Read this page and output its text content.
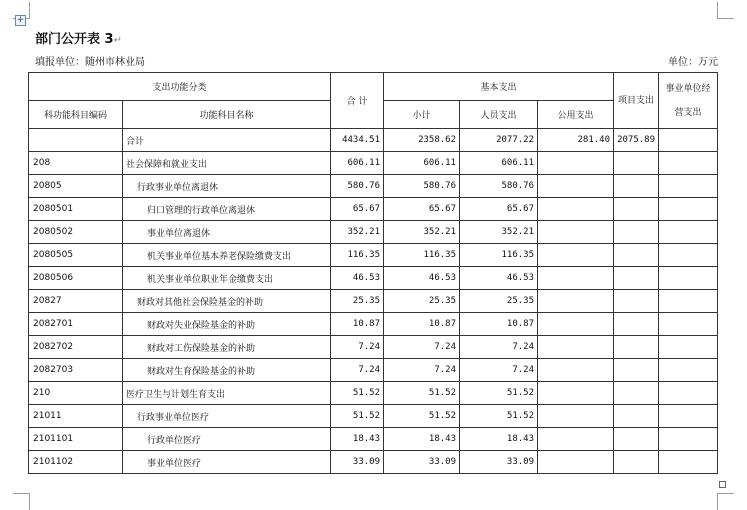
+
部门公开表 3↵
填报单位：随州市林业局	单位：万元
支出功能分类		合 计	基本支出			项目支出	事业单位经营支出
科功能科目编码	功能科目名称		小计	人员支出	公用支出		
	合计	4434.51	2358.62	2077.22	281.40	2075.89	
208	社会保障和就业支出	606.11	606.11	606.11			
20805	行政事业单位离退休	580.76	580.76	580.76			
2080501	归口管理的行政单位离退休	65.67	65.67	65.67			
2080502	事业单位离退休	352.21	352.21	352.21			
2080505	机关事业单位基本养老保险缴费支出	116.35	116.35	116.35			
2080506	机关事业单位职业年金缴费支出	46.53	46.53	46.53			
20827	财政对其他社会保险基金的补助	25.35	25.35	25.35			
2082701	财政对失业保险基金的补助	10.87	10.87	10.87			
2082702	财政对工伤保险基金的补助	7.24	7.24	7.24			
2082703	财政对生育保险基金的补助	7.24	7.24	7.24			
210	医疗卫生与计划生育支出	51.52	51.52	51.52			
21011	行政事业单位医疗	51.52	51.52	51.52			
2101101	行政单位医疗	18.43	18.43	18.43			
2101102	事业单位医疗	33.09	33.09	33.09			
